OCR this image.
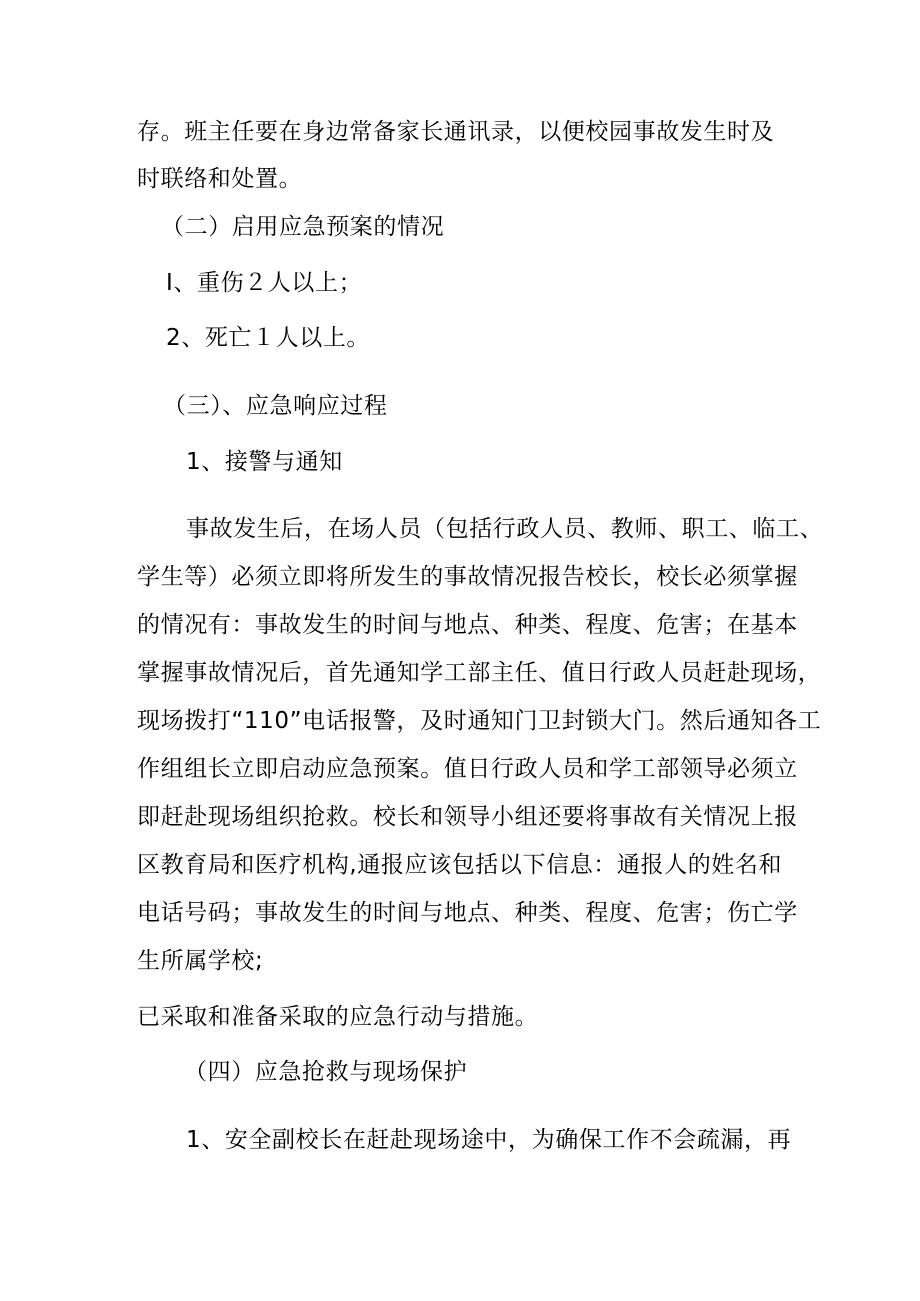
存。班主任要在身边常备家长通讯录，以便校园事故发生时及
时联络和处置。
（二）启用应急预案的情况
I、重伤２人以上；
2、死亡１人以上。
（三）、应急响应过程
1、接警与通知
事故发生后，在场人员（包括行政人员、教师、职工、临工、
学生等）必须立即将所发生的事故情况报告校长，校长必须掌握
的情况有：事故发生的时间与地点、种类、程度、危害；在基本
掌握事故情况后，首先通知学工部主任、值日行政人员赶赴现场，
现场拨打“110”电话报警，及时通知门卫封锁大门。然后通知各工
作组组长立即启动应急预案。值日行政人员和学工部领导必须立
即赶赴现场组织抢救。校长和领导小组还要将事故有关情况上报
区教育局和医疗机构,通报应该包括以下信息：通报人的姓名和
电话号码；事故发生的时间与地点、种类、程度、危害；伤亡学
生所属学校;
已采取和准备采取的应急行动与措施。
（四）应急抢救与现场保护
1、安全副校长在赶赴现场途中，为确保工作不会疏漏，再
